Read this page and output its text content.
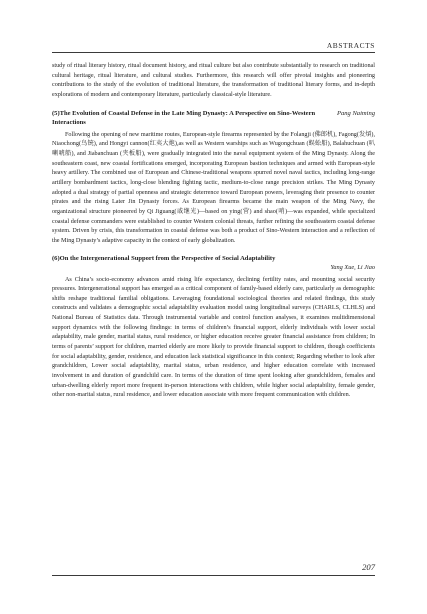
ABSTRACTS

study of ritual literary history, ritual document history, and ritual culture but also contribute substantially to research on traditional cultural heritage, ritual literature, and cultural studies. Furthermore, this research will offer pivotal insights and pioneering contributions to the study of the evolution of traditional literature, the transformation of traditional literary forms, and in-depth explorations of modern and contemporary literature, particularly classical-style literature.

Pang Naiming
(5)The Evolution of Coastal Defense in the Late Ming Dynasty: A Perspective on Sino-Western Interactions

Following the opening of new maritime routes, European-style firearms represented by the Folangji (佛郎机), Fagong(发熕), Niaochong(鸟铳), and Hongyi cannon(红夷大炮),as well as Western warships such as Wugongchuan (蜈蚣船), Balahuchuan (叭喇唬船), and Jiabanchuan (夹板船), were gradually integrated into the naval equipment system of the Ming Dynasty. Along the southeastern coast, new coastal fortifications emerged, incorporating European bastion techniques and armed with European-style heavy artillery. The combined use of European and Chinese-traditional weapons spurred novel naval tactics, including long-range artillery bombardment tactics, long-close blending fighting tactic, medium-to-close range precision strikes. The Ming Dynasty adopted a dual strategy of partial openness and strategic deterrence toward European powers, leveraging their presence to counter pirates and the rising Later Jin Dynasty forces. As European firearms became the main weapon of the Ming Navy, the organizational structure pioneered by Qi Jiguang(戚继光)—based on ying(营) and shao(哨)—was expanded, while specialized coastal defense commanders were established to counter Western colonial threats, further refining the southeastern coastal defense system. Driven by crisis, this transformation in coastal defense was both a product of Sino-Western interaction and a reflection of the Ming Dynasty’s adaptive capacity in the context of early globalization.

(6)On the Intergenerational Support from the Perspective of Social Adaptability
Yang Xue, Li Jiao

As China’s socio-economy advances amid rising life expectancy, declining fertility rates, and mounting social security pressures. Intergenerational support has emerged as a critical component of family-based elderly care, particularly as demographic shifts reshape traditional familial obligations. Leveraging foundational sociological theories and related findings, this study constructs and validates a demographic social adaptability evaluation model using longitudinal surveys (CHARLS, CLHLS) and National Bureau of Statistics data. Through instrumental variable and control function analyses, it examines multidimensional support dynamics with the following findings: in terms of children’s financial support, elderly individuals with lower social adaptability, male gender, marital status, rural residence, or higher education receive greater financial assistance from children; In terms of parents’ support for children, married elderly are more likely to provide financial support to children, though coefficients for social adaptability, gender, residence, and education lack statistical significance in this context; Regarding whether to look after grandchildren, Lower social adaptability, marital status, urban residence, and higher education correlate with increased involvement in and duration of grandchild care. In terms of the duration of time spent looking after grandchildren, females and urban-dwelling elderly report more frequent in-person interactions with children, while higher social adaptability, female gender, other non-marital status, rural residence, and lower education associate with more frequent communication with children.

207
